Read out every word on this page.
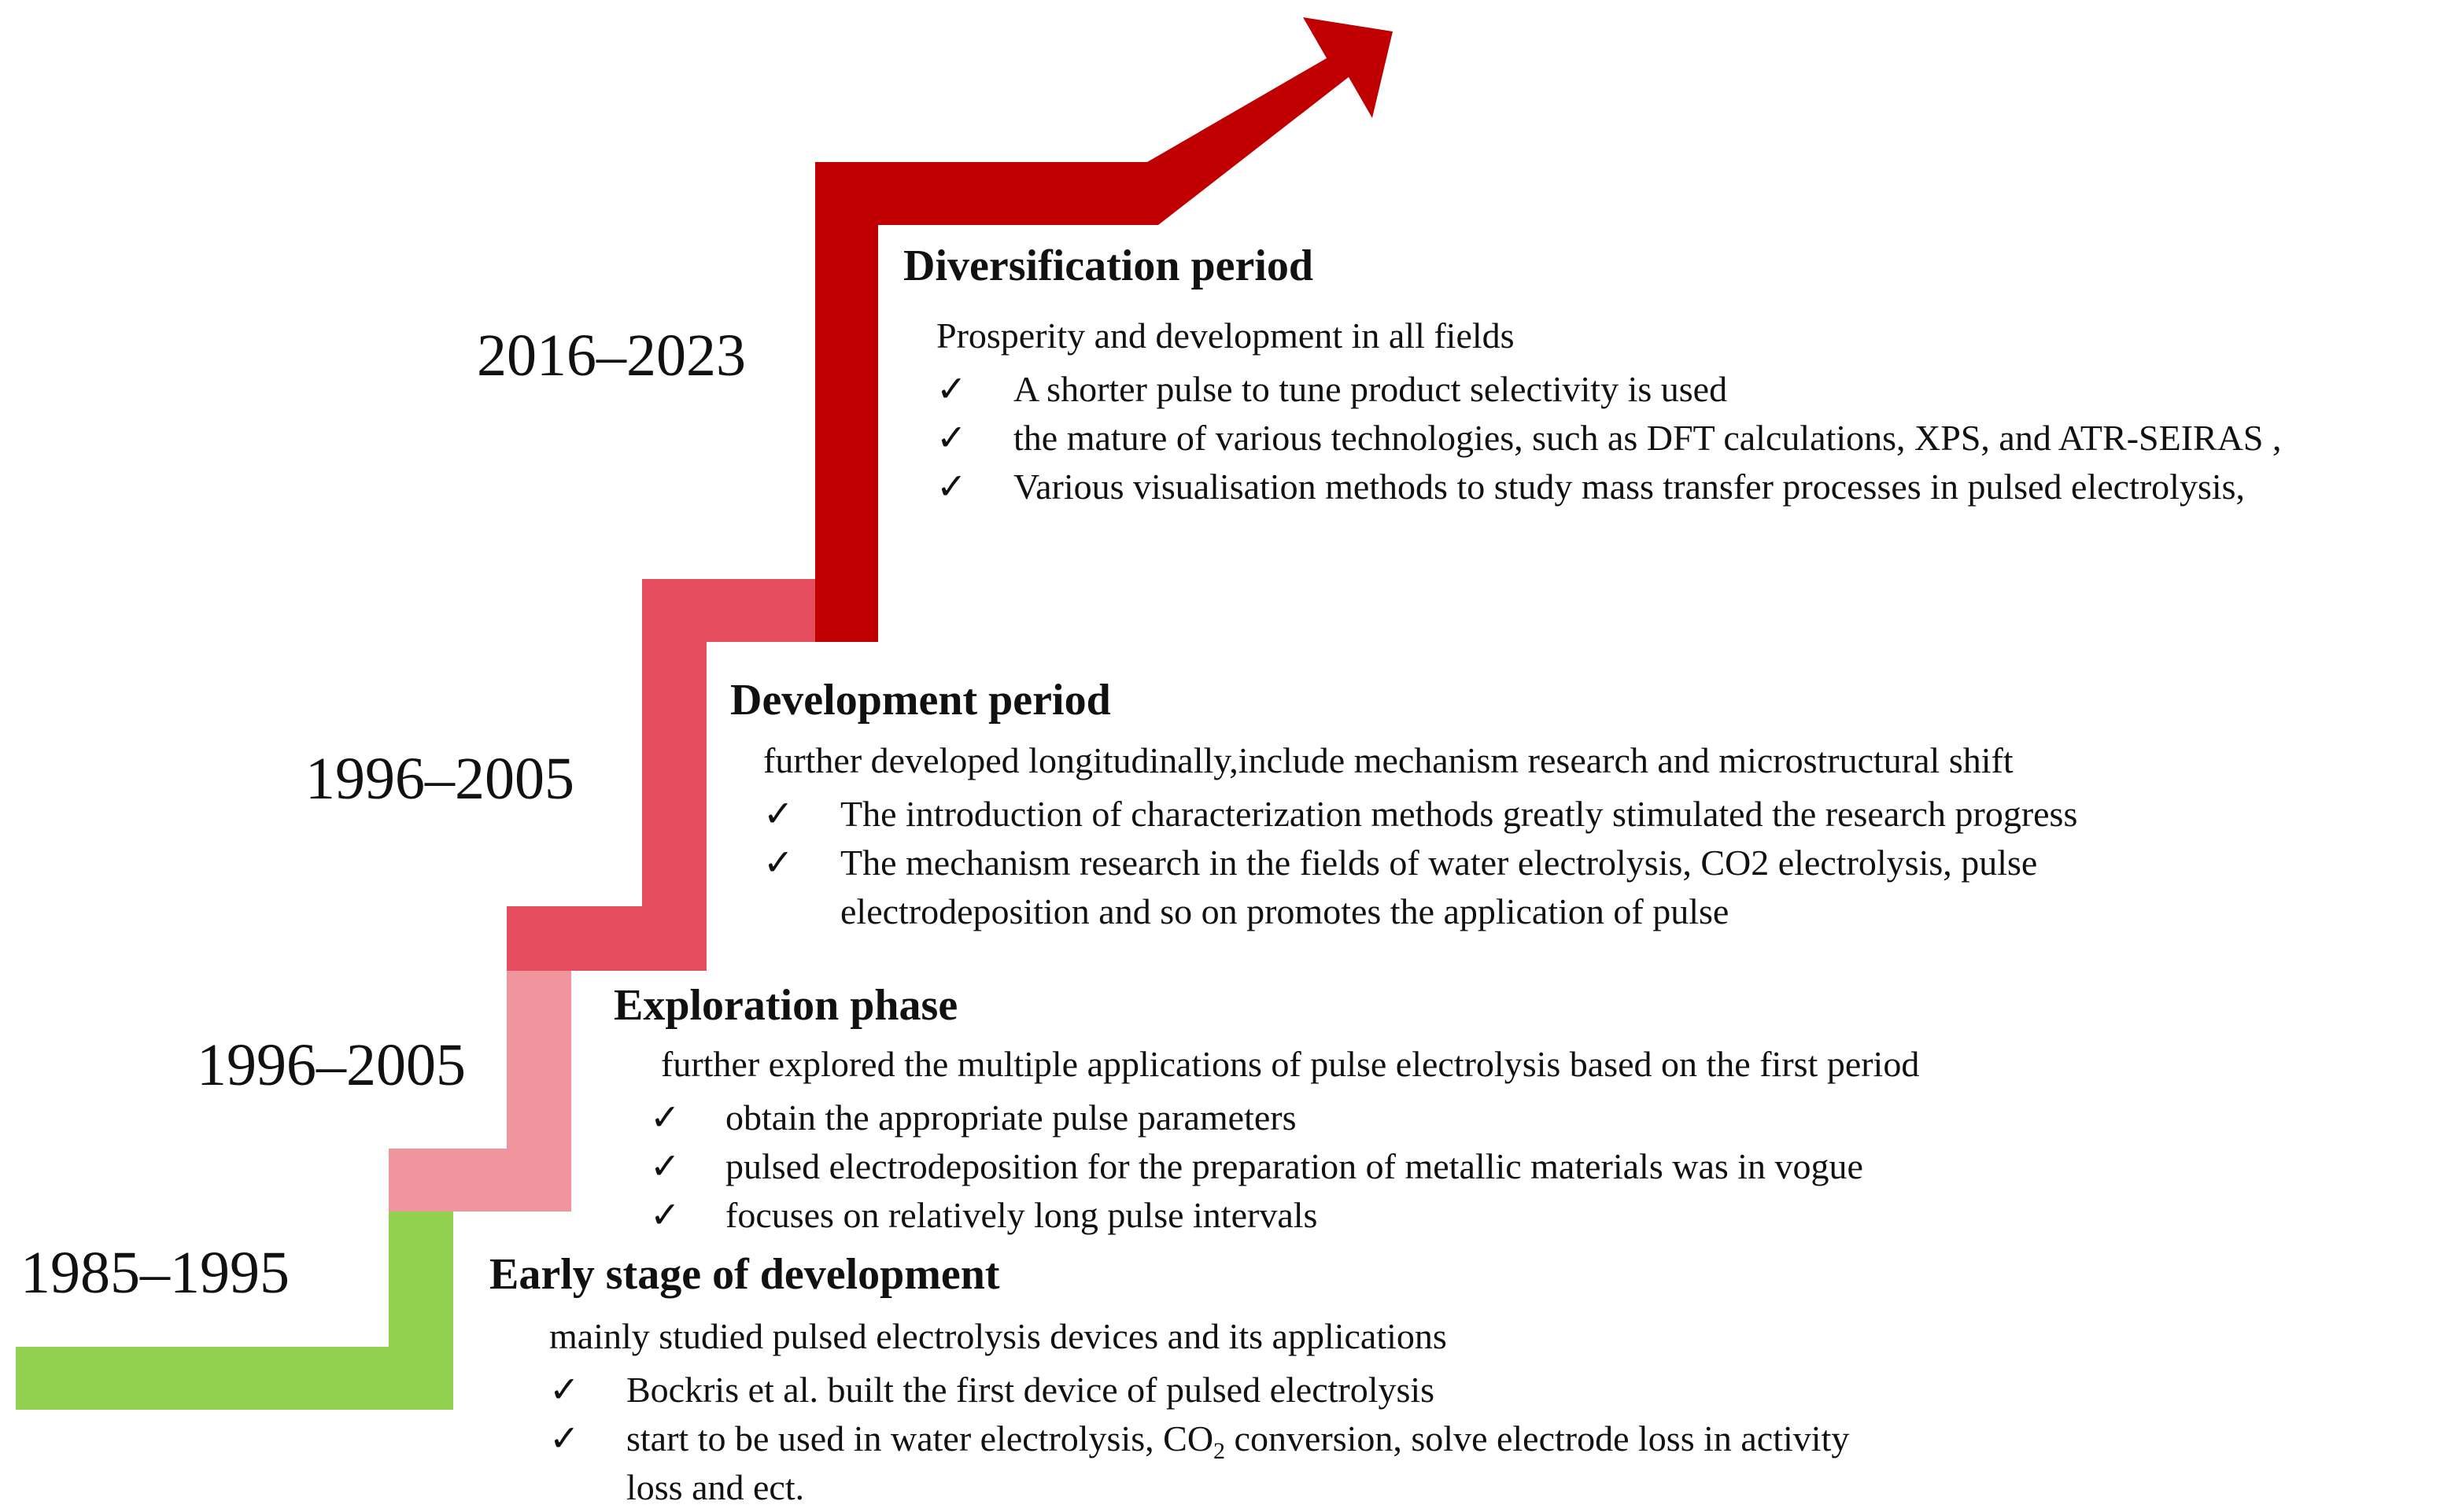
2016–2023
1996–2005
1996–2005
1985–1995
Diversification period
Prosperity and development in all fields
✓ A shorter pulse to tune product selectivity is used
✓ the mature of various technologies, such as DFT calculations, XPS, and ATR-SEIRAS ,
✓ Various visualisation methods to study mass transfer processes in pulsed electrolysis,
Development period
further developed longitudinally,include mechanism research and microstructural shift
✓ The introduction of characterization methods greatly stimulated the research progress
✓ The mechanism research in the fields of water electrolysis, CO2 electrolysis, pulse
electrodeposition and so on promotes the application of pulse
Exploration phase
further explored the multiple applications of pulse electrolysis based on the first period
✓ obtain the appropriate pulse parameters
✓ pulsed electrodeposition for the preparation of metallic materials was in vogue
✓ focuses on relatively long pulse intervals
Early stage of development
mainly studied pulsed electrolysis devices and its applications
✓ Bockris et al. built the first device of pulsed electrolysis
✓ start to be used in water electrolysis, $CO_2$ conversion, solve electrode loss in activity
loss and ect.
